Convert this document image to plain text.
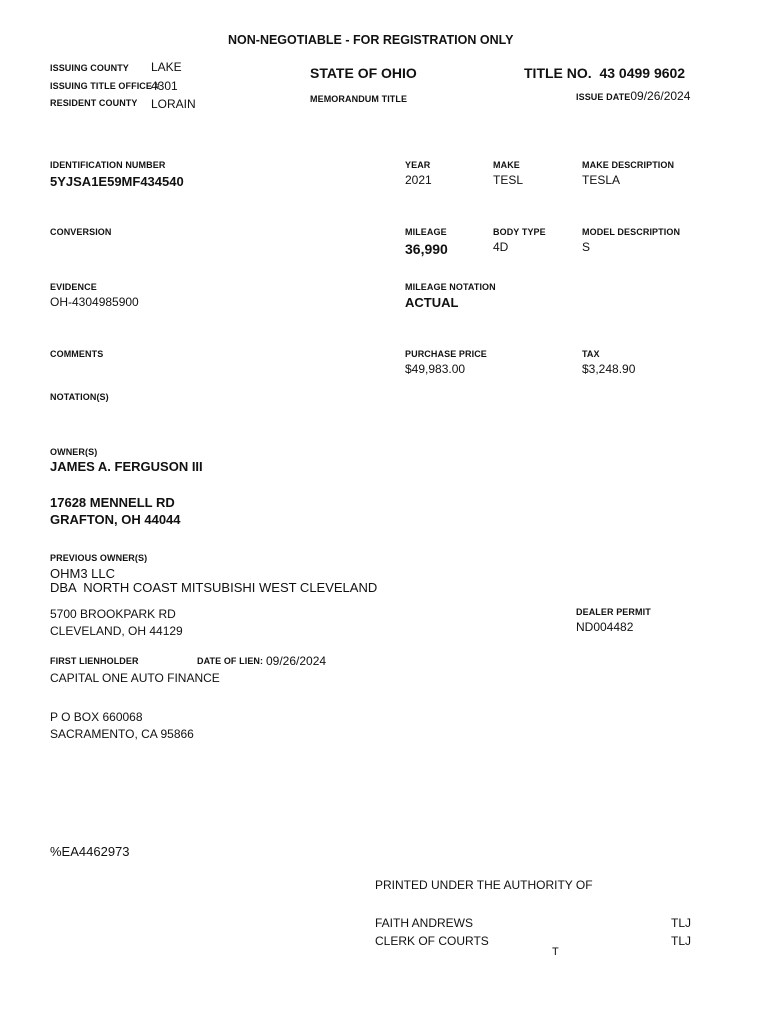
NON-NEGOTIABLE - FOR REGISTRATION ONLY
ISSUING COUNTY LAKE
ISSUING TITLE OFFICE #
4301
RESIDENT COUNTY LORAIN
STATE OF OHIO
MEMORANDUM TITLE
TITLE NO. 43 0499 9602
ISSUE DATE09/26/2024
IDENTIFICATION NUMBER
5YJSA1E59MF434540
YEAR
2021
MAKE
TESL
MAKE DESCRIPTION
TESLA
CONVERSION	MILEAGE
36,990
BODY TYPE
4D
MODEL DESCRIPTION
S
EVIDENCE
OH-4304985900
MILEAGE NOTATION
ACTUAL
COMMENTS	PURCHASE PRICE
$49,983.00
TAX
$3,248.90
NOTATION(S)
OWNER(S)
JAMES A. FERGUSON III
17628 MENNELL RD
GRAFTON, OH 44044
PREVIOUS OWNER(S)
OHM3 LLC
DBA  NORTH COAST MITSUBISHI WEST CLEVELAND
5700 BROOKPARK RD
CLEVELAND, OH 44129
DEALER PERMIT
ND004482
FIRST LIENHOLDER	DATE OF LIEN: 09/26/2024
CAPITAL ONE AUTO FINANCE
P O BOX 660068
SACRAMENTO, CA 95866
%EA4462973
PRINTED UNDER THE AUTHORITY OF
FAITH ANDREWS	TLJ
CLERK OF COURTS	TLJ
T
